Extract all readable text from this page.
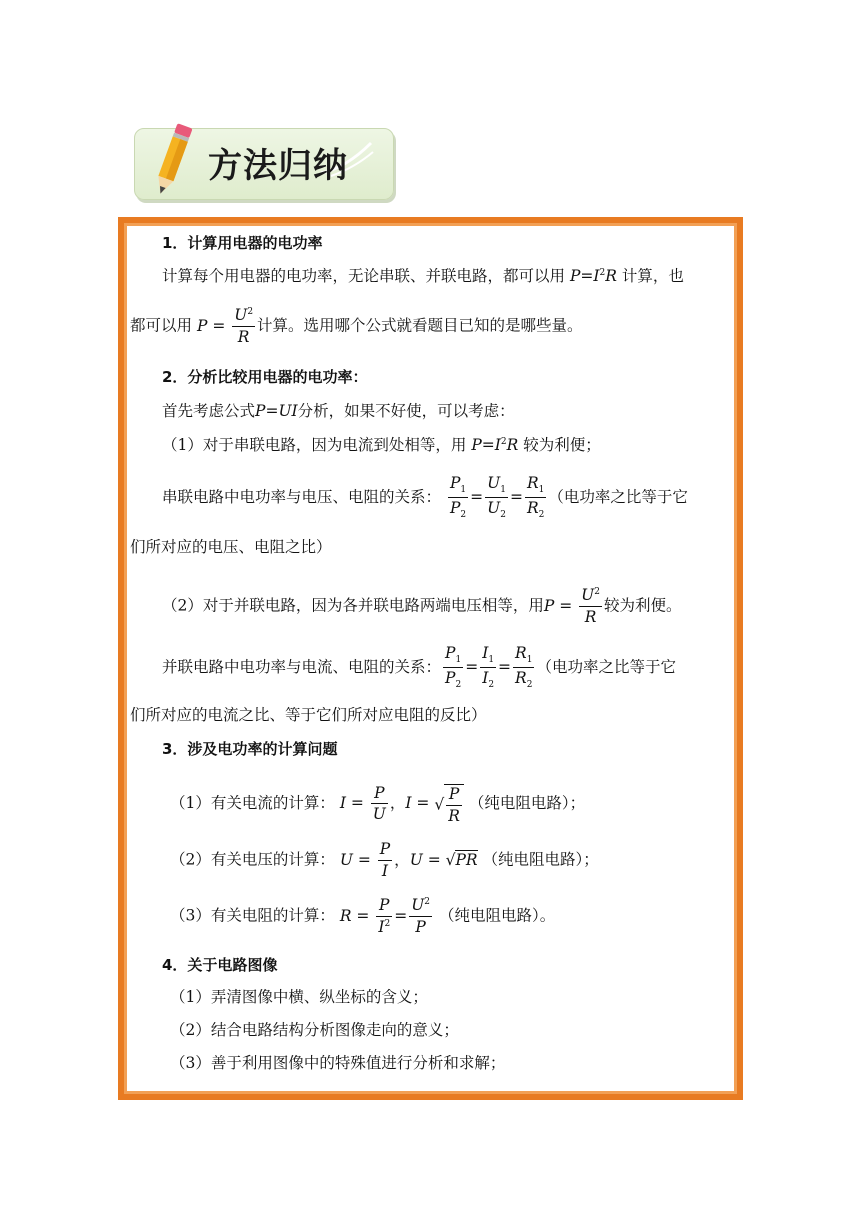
方法归纳
1．计算用电器的电功率
计算每个用电器的电功率，无论串联、并联电路，都可以用 $P=I^2R$ 计算，也
都可以用 $P = \frac{U^2}{R}$ 计算。选用哪个公式就看题目已知的是哪些量。
2．分析比较用电器的电功率：
首先考虑公式P=UI分析，如果不好使，可以考虑：
（1）对于串联电路，因为电流到处相等，用 $P=I^2R$ 较为利便；
串联电路中电功率与电压、电阻的关系： $\frac{P_1}{P_2} = \frac{U_1}{U_2} = \frac{R_1}{R_2}$ （电功率之比等于它
们所对应的电压、电阻之比）
（2）对于并联电路，因为各并联电路两端电压相等，用$P = \frac{U^2}{R}$ 较为利便。
并联电路中电功率与电流、电阻的关系： $\frac{P_1}{P_2} = \frac{I_1}{I_2} = \frac{R_1}{R_2}$ （电功率之比等于它
们所对应的电流之比、等于它们所对应电阻的反比）
3．涉及电功率的计算问题
（1）有关电流的计算： $I = \frac{P}{U}$ ，I = √ $\frac{P}{R}$ （纯电阻电路）；
（2）有关电压的计算： $U = \frac{P}{I}$ ，U = √PR （纯电阻电路）；
（3）有关电阻的计算： $R = \frac{P}{I^2} = \frac{U^2}{P}$ （纯电阻电路）。
4．关于电路图像
（1）弄清图像中横、纵坐标的含义；
（2）结合电路结构分析图像走向的意义；
（3）善于利用图像中的特殊值进行分析和求解；
